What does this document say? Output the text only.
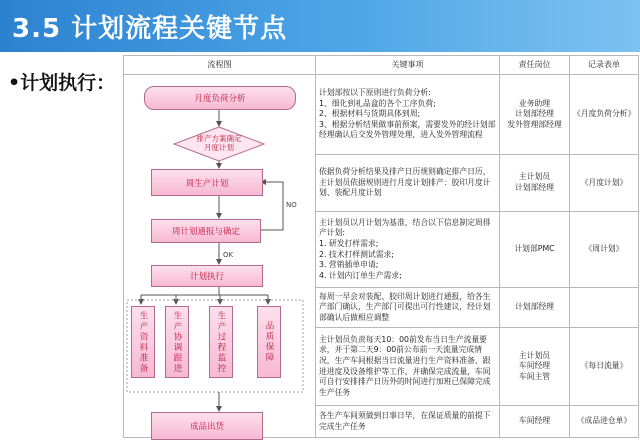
3.5 计划流程关键节点
•计划执行：
流程图	关键事项	责任岗位	记录表单

	计划部按以下原则进行负荷分析:
1、细化到礼品盒的各个工序负荷;
2、根据材料与货期具体到周;
3、根据分析结果做事前预案，需要发外的经计划部经理确认后交发外管理处理，进入发外管理流程	业务助理
计划部经理
发外管理部经理	《月度负荷分析》

	依据负荷分析结果及排产日历规则确定排产日历，主计划员依据规则进行月度计划排产：胶印月度计划、装配月度计划	主计划员
计划部经理	《月度计划》

	主计划员以月计划为基准，结合以下信息制定周排产计划:
1. 研发打样需求;
2. 技术打样测试需求;
3. 营销插单申请;
4. 计划内订单生产需求;	计划部PMC	《周计划》

	每周一早会对装配、胶印周计划进行通报，给各生产部门确认，生产部门可提出可行性建议，经计划部确认后做相应调整	计划部经理	

	主计划员负责每天10：00前发布当日生产流量要求，并于第二天9：00前公布前一天流量完成情况，生产车间根据当日流量进行生产资料准备、跟进进度及设备维护等工作，并确保完成流量，车间可自行安排排产日历外的时间进行加班已保障完成生产任务	主计划员
车间经理
车间主管	《每日流量》

	各生产车间须做到日事日毕，在保证质量的前提下完成生产任务	车间经理	《成品进仓单》
月度负荷分析
排产方案确定
月度计划
周生产计划
周计划通报与确定
NO
OK
计划执行
生产资料准备	生产协调跟进	生产过程监控	品质保障
成品出货
